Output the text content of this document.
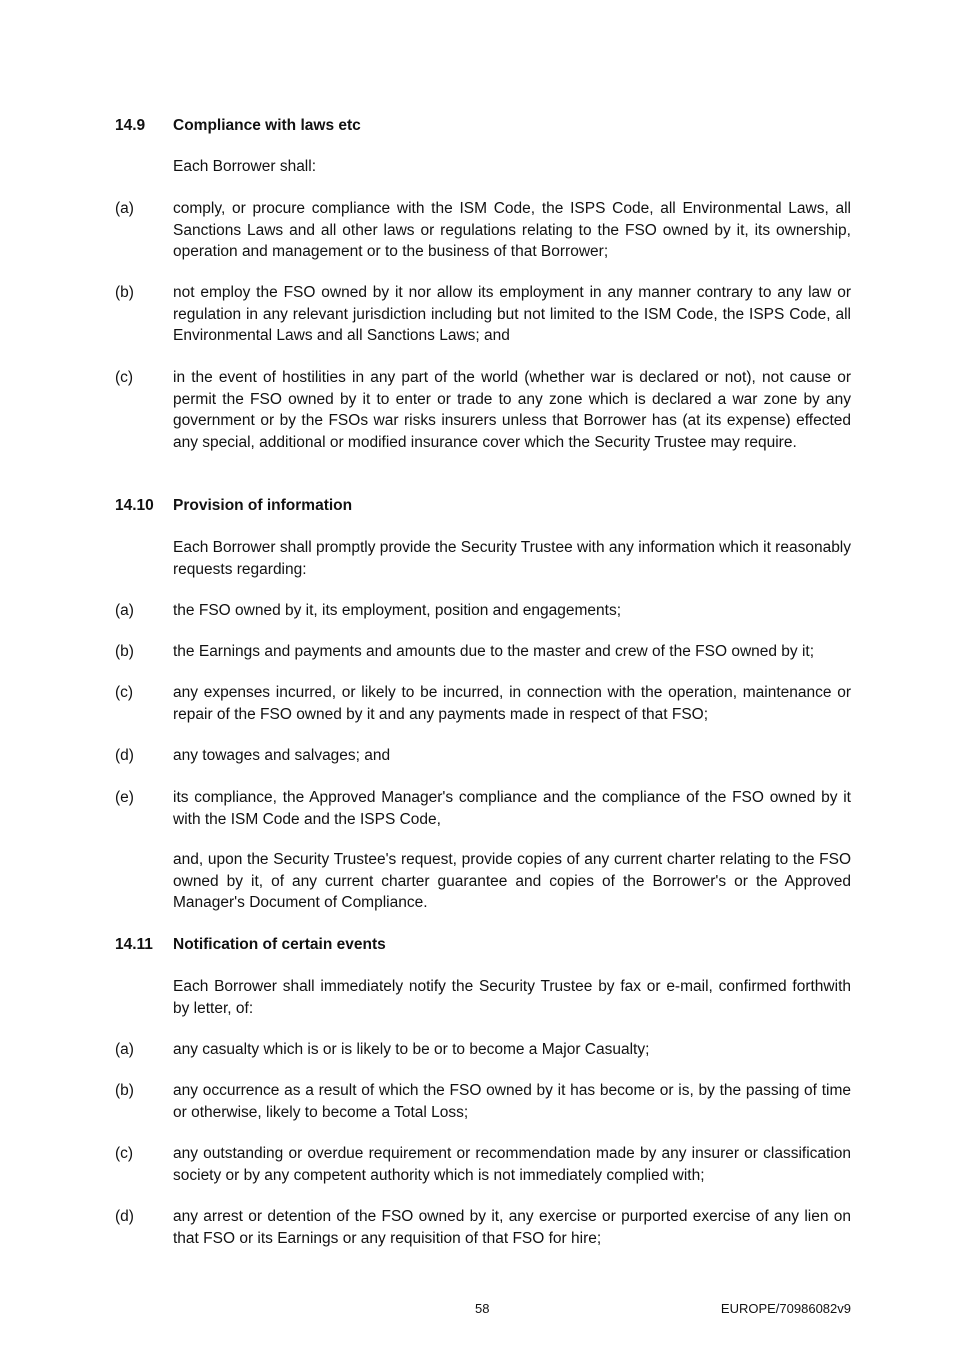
14.9 Compliance with laws etc
Each Borrower shall:
(a)	comply, or procure compliance with the ISM Code, the ISPS Code, all Environmental Laws, all Sanctions Laws and all other laws or regulations relating to the FSO owned by it, its ownership, operation and management or to the business of that Borrower;
(b)	not employ the FSO owned by it nor allow its employment in any manner contrary to any law or regulation in any relevant jurisdiction including but not limited to the ISM Code, the ISPS Code, all Environmental Laws and all Sanctions Laws; and
(c)	in the event of hostilities in any part of the world (whether war is declared or not), not cause or permit the FSO owned by it to enter or trade to any zone which is declared a war zone by any government or by the FSOs war risks insurers unless that Borrower has (at its expense) effected any special, additional or modified insurance cover which the Security Trustee may require.
14.10 Provision of information
Each Borrower shall promptly provide the Security Trustee with any information which it reasonably requests regarding:
(a)	the FSO owned by it, its employment, position and engagements;
(b)	the Earnings and payments and amounts due to the master and crew of the FSO owned by it;
(c)	any expenses incurred, or likely to be incurred, in connection with the operation, maintenance or repair of the FSO owned by it and any payments made in respect of that FSO;
(d)	any towages and salvages; and
(e)	its compliance, the Approved Manager's compliance and the compliance of the FSO owned by it with the ISM Code and the ISPS Code,
and, upon the Security Trustee's request, provide copies of any current charter relating to the FSO owned by it, of any current charter guarantee and copies of the Borrower's or the Approved Manager's Document of Compliance.
14.11 Notification of certain events
Each Borrower shall immediately notify the Security Trustee by fax or e-mail, confirmed forthwith by letter, of:
(a)	any casualty which is or is likely to be or to become a Major Casualty;
(b)	any occurrence as a result of which the FSO owned by it has become or is, by the passing of time or otherwise, likely to become a Total Loss;
(c)	any outstanding or overdue requirement or recommendation made by any insurer or classification society or by any competent authority which is not immediately complied with;
(d)	any arrest or detention of the FSO owned by it, any exercise or purported exercise of any lien on that FSO or its Earnings or any requisition of that FSO for hire;
58	EUROPE/70986082v9
